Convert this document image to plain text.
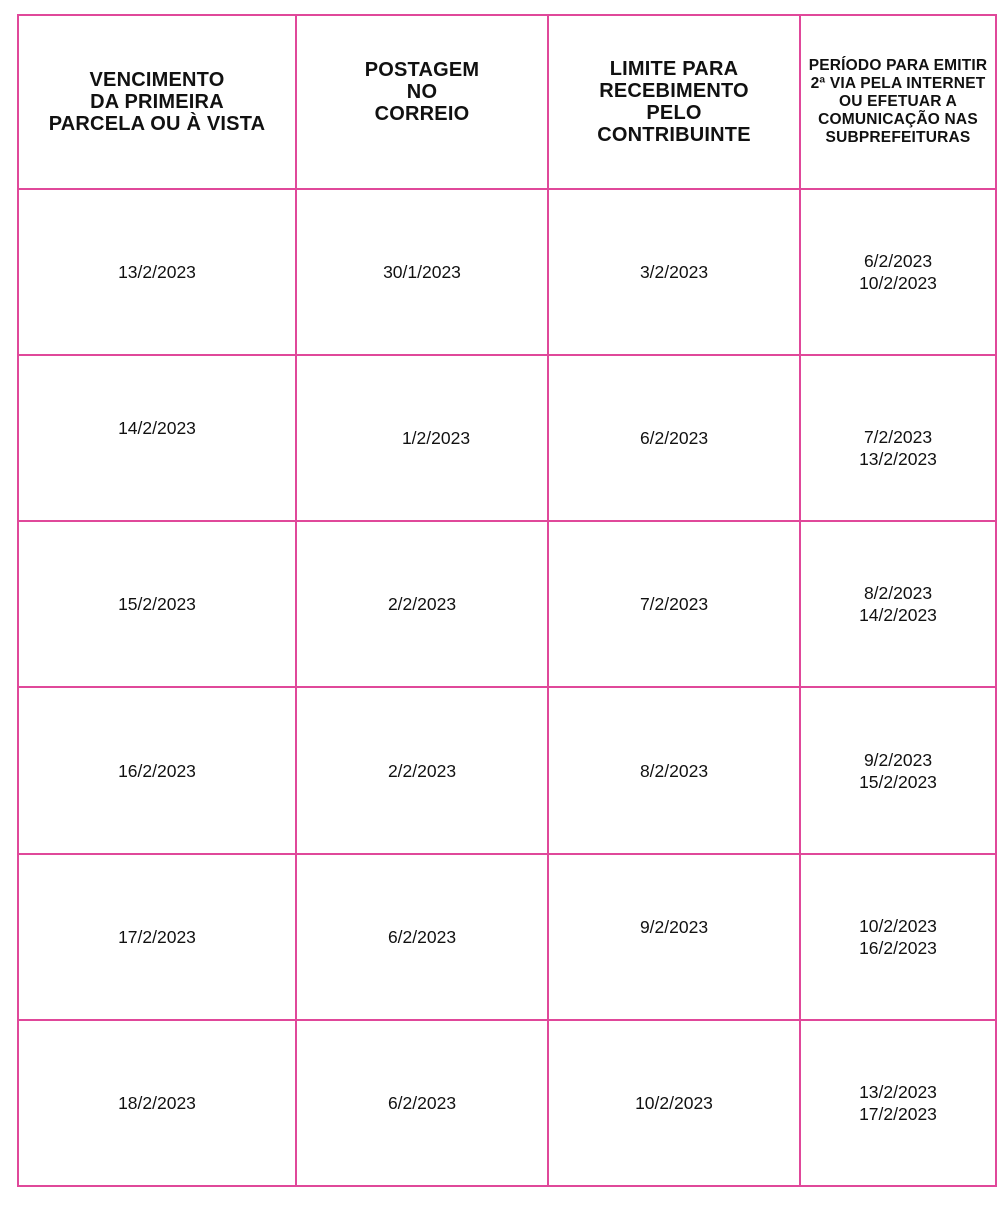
VENCIMENTO
DA PRIMEIRA
PARCELA OU À VISTA	POSTAGEM
NO
CORREIO	LIMITE PARA
RECEBIMENTO
PELO
CONTRIBUINTE	PERÍODO PARA EMITIR
2ª VIA PELA INTERNET
OU EFETUAR A
COMUNICAÇÃO NAS
SUBPREFEITURAS

13/2/2023	30/1/2023	3/2/2023	6/2/2023
10/2/2023

14/2/2023	1/2/2023	6/2/2023	7/2/2023
13/2/2023

15/2/2023	2/2/2023	7/2/2023	8/2/2023
14/2/2023

16/2/2023	2/2/2023	8/2/2023	9/2/2023
15/2/2023

17/2/2023	6/2/2023	9/2/2023	10/2/2023
16/2/2023

18/2/2023	6/2/2023	10/2/2023	13/2/2023
17/2/2023
